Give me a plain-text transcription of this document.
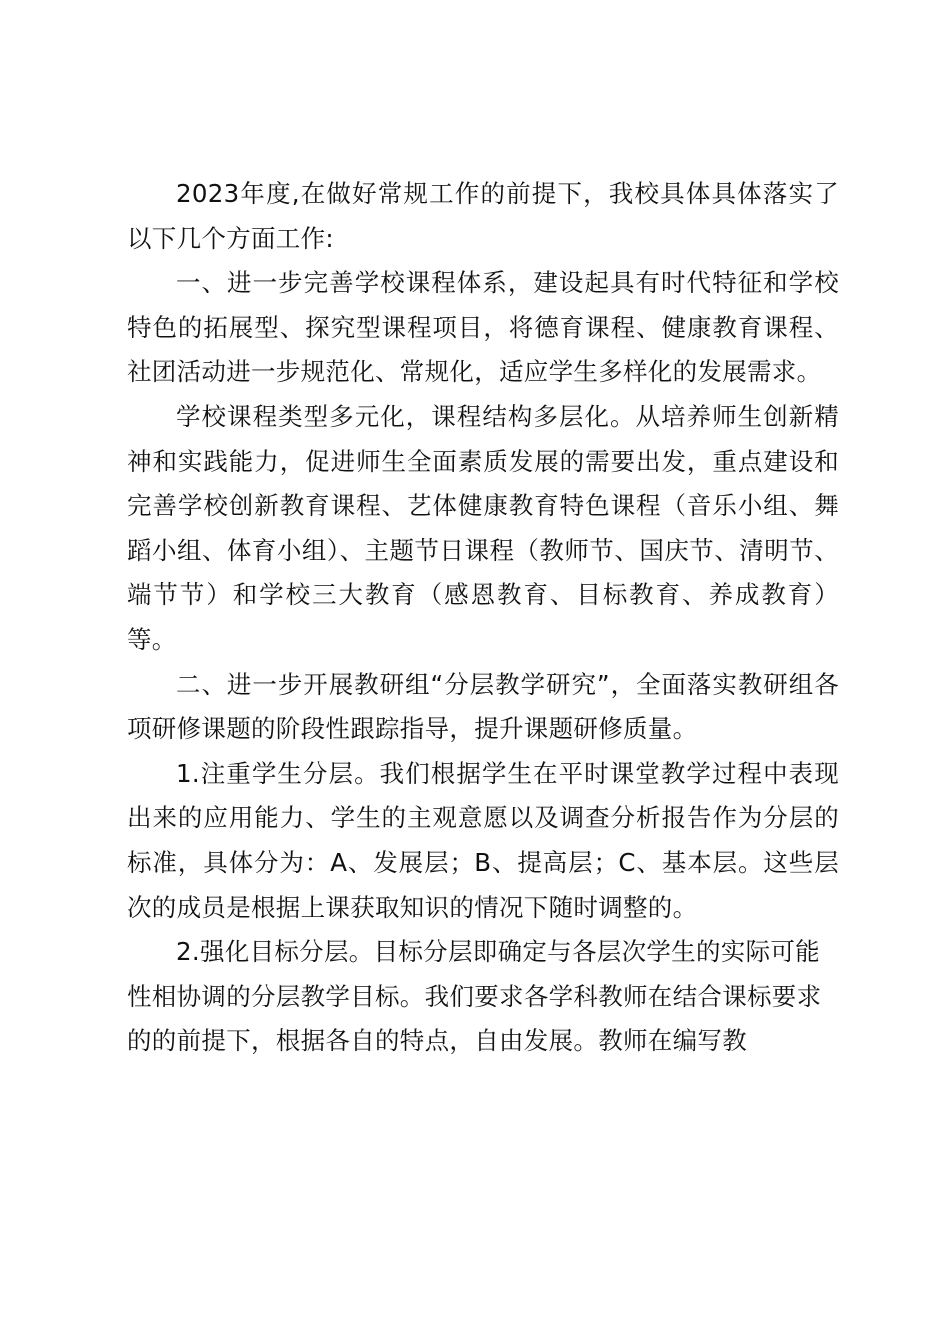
2023年度,在做好常规工作的前提下，我校具体具体落实了以下几个方面工作:

一、进一步完善学校课程体系，建设起具有时代特征和学校特色的拓展型、探究型课程项目，将德育课程、健康教育课程、社团活动进一步规范化、常规化，适应学生多样化的发展需求。

学校课程类型多元化，课程结构多层化。从培养师生创新精神和实践能力，促进师生全面素质发展的需要出发，重点建设和完善学校创新教育课程、艺体健康教育特色课程（音乐小组、舞蹈小组、体育小组）、主题节日课程（教师节、国庆节、清明节、端节节）和学校三大教育（感恩教育、目标教育、养成教育）等。

二、进一步开展教研组“分层教学研究”，全面落实教研组各项研修课题的阶段性跟踪指导，提升课题研修质量。

1.注重学生分层。我们根据学生在平时课堂教学过程中表现出来的应用能力、学生的主观意愿以及调查分析报告作为分层的标准，具体分为：A、发展层；B、提高层；C、基本层。这些层次的成员是根据上课获取知识的情况下随时调整的。

2.强化目标分层。目标分层即确定与各层次学生的实际可能性相协调的分层教学目标。我们要求各学科教师在结合课标要求的的前提下，根据各自的特点，自由发展。教师在编写教
